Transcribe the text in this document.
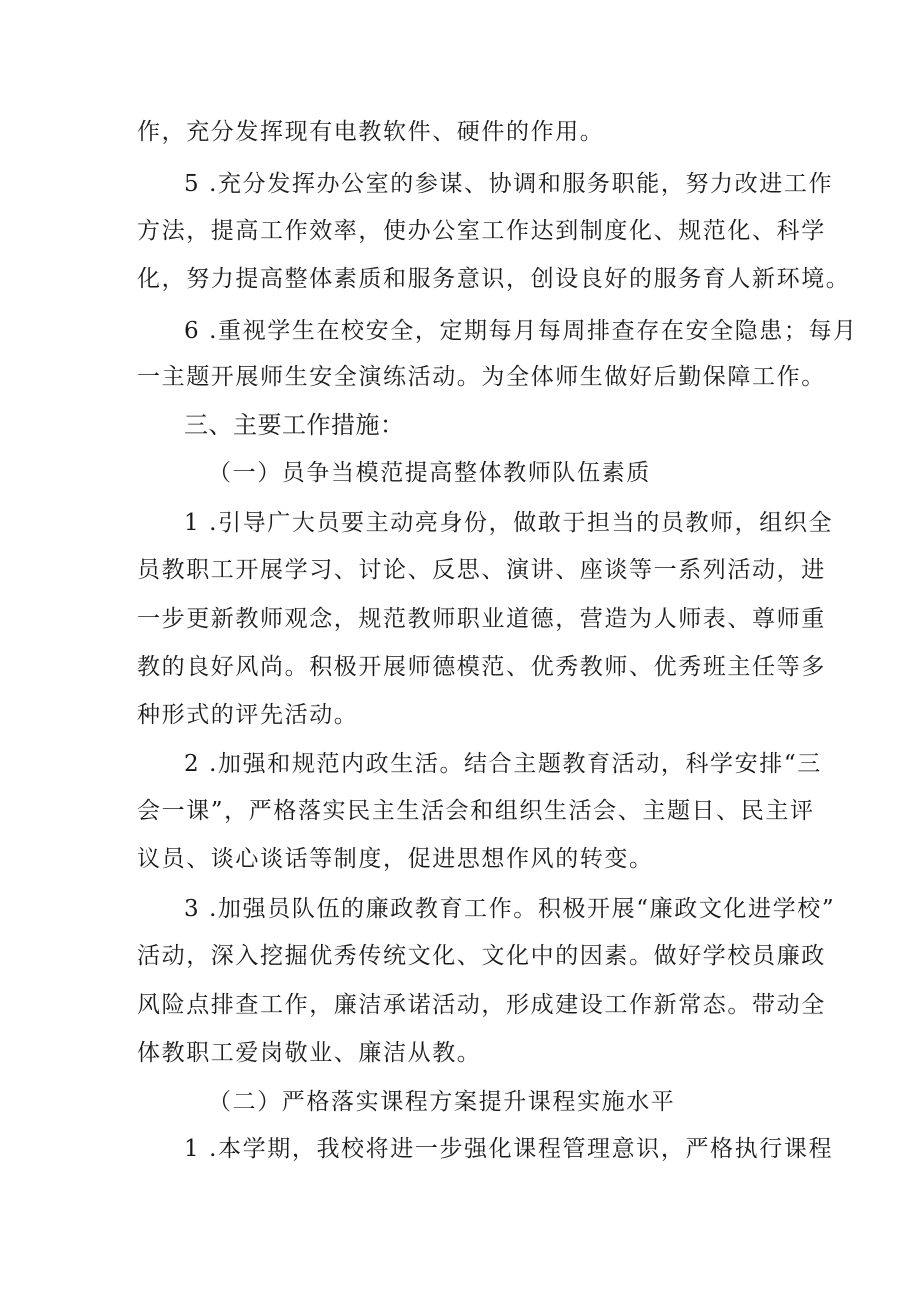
作，充分发挥现有电教软件、硬件的作用。
5 .充分发挥办公室的参谋、协调和服务职能，努力改进工作
方法，提高工作效率，使办公室工作达到制度化、规范化、科学
化，努力提高整体素质和服务意识，创设良好的服务育人新环境。
6 .重视学生在校安全，定期每月每周排查存在安全隐患；每月
一主题开展师生安全演练活动。为全体师生做好后勤保障工作。
三、主要工作措施：
（一）员争当模范提高整体教师队伍素质
1 .引导广大员要主动亮身份，做敢于担当的员教师，组织全
员教职工开展学习、讨论、反思、演讲、座谈等一系列活动，进
一步更新教师观念，规范教师职业道德，营造为人师表、尊师重
教的良好风尚。积极开展师德模范、优秀教师、优秀班主任等多
种形式的评先活动。
2 .加强和规范内政生活。结合主题教育活动，科学安排“三
会一课”，严格落实民主生活会和组织生活会、主题日、民主评
议员、谈心谈话等制度，促进思想作风的转变。
3 .加强员队伍的廉政教育工作。积极开展“廉政文化进学校”
活动，深入挖掘优秀传统文化、文化中的因素。做好学校员廉政
风险点排查工作，廉洁承诺活动，形成建设工作新常态。带动全
体教职工爱岗敬业、廉洁从教。
（二）严格落实课程方案提升课程实施水平
1 .本学期，我校将进一步强化课程管理意识，严格执行课程
